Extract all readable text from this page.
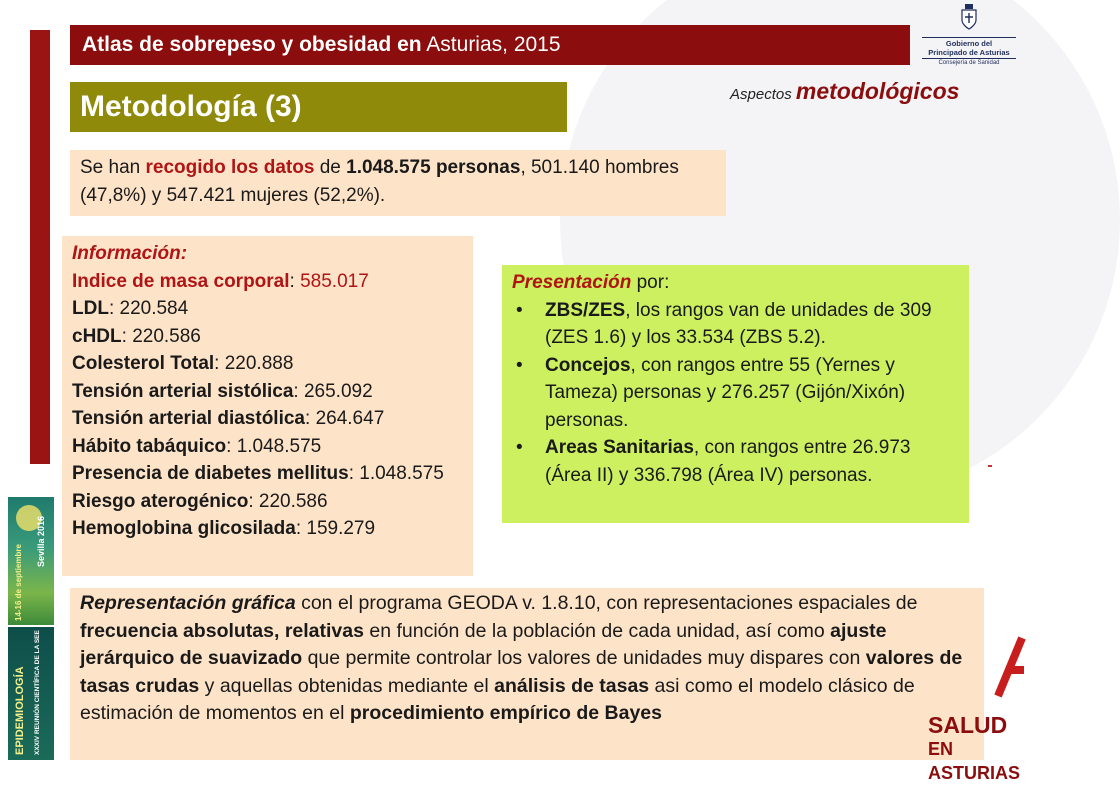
Atlas de sobrepeso y obesidad en Asturias, 2015	Gobierno del
Principado de Asturias
Consejería de Sanidad
Metodología (3)	Aspectos metodológicos
Se han recogido los datos de 1.048.575 personas, 501.140 hombres (47,8%) y 547.421 mujeres (52,2%).
Información:
Indice de masa corporal: 585.017
LDL: 220.584
cHDL: 220.586
Colesterol Total: 220.888
Tensión arterial sistólica: 265.092
Tensión arterial diastólica: 264.647
Hábito tabáquico: 1.048.575
Presencia de diabetes mellitus: 1.048.575
Riesgo aterogénico: 220.586
Hemoglobina glicosilada: 159.279
Presentación por:
• ZBS/ZES, los rangos van de unidades de 309 (ZES 1.6) y los 33.534 (ZBS 5.2).
• Concejos, con rangos entre 55 (Yernes y Tameza) personas y 276.257 (Gijón/Xixón) personas.
• Areas Sanitarias, con rangos entre 26.973 (Área II) y 336.798 (Área IV) personas.
Representación gráfica con el programa GEODA v. 1.8.10, con representaciones espaciales de frecuencia absolutas, relativas en función de la población de cada unidad, así como ajuste jerárquico de suavizado que permite controlar los valores de unidades muy dispares con valores de tasas crudas y aquellas obtenidas mediante el análisis de tasas asi como el modelo clásico de estimación de momentos en el procedimiento empírico de Bayes
14-16 de septiembre
Sevilla 2016
EPIDEMIOLOGÍA XXXIV REUNIÓN CIENTÍFICA DE LA SEE	SALUD
EN ASTURIAS
